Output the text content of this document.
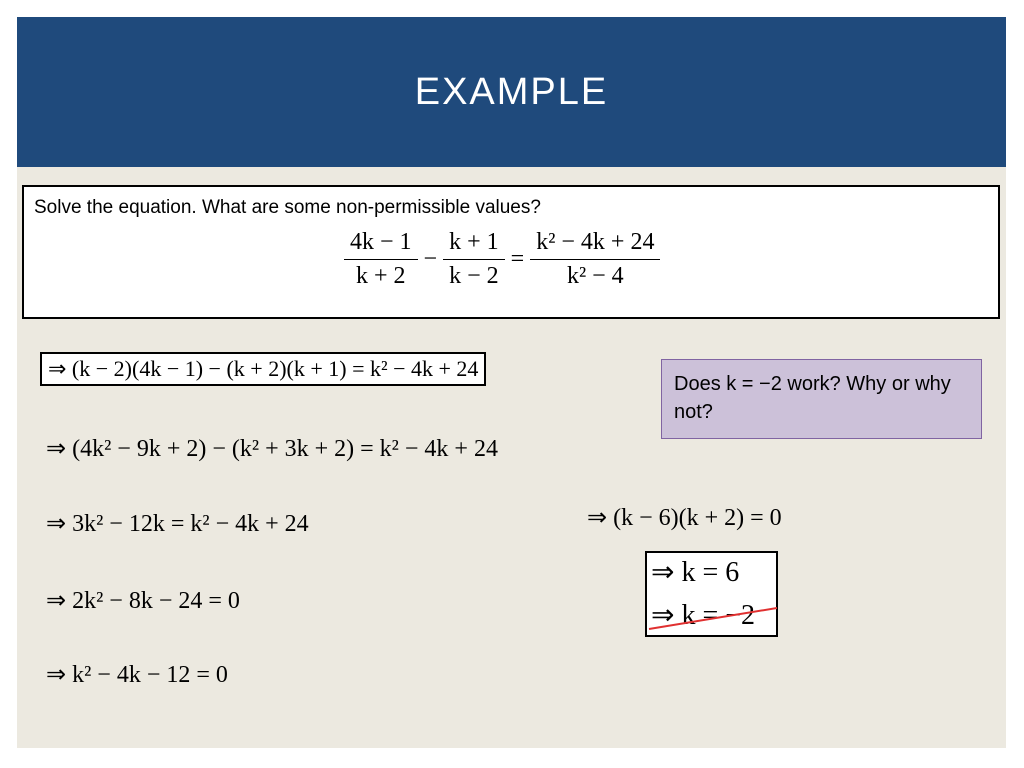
EXAMPLE
Solve the equation. What are some non-permissible values?
$\frac{4k - 1}{k + 2} - \frac{k + 1}{k - 2} = \frac{\text{k² − 4k + 24}}{\text{k² − 4}}$
⇒ (k − 2)(4k − 1) − (k + 2)(k + 1) = k² − 4k + 24
⇒ (4k² − 9k + 2) − (k² + 3k + 2) = k² − 4k + 24
⇒ 3k² − 12k = k² − 4k + 24
⇒ 2k² − 8k − 24 = 0
⇒ k² − 4k − 12 = 0
⇒ (k − 6)(k + 2) = 0
Does k = −2 work? Why or why not?
⇒ k = 6
⇒ k = −2
